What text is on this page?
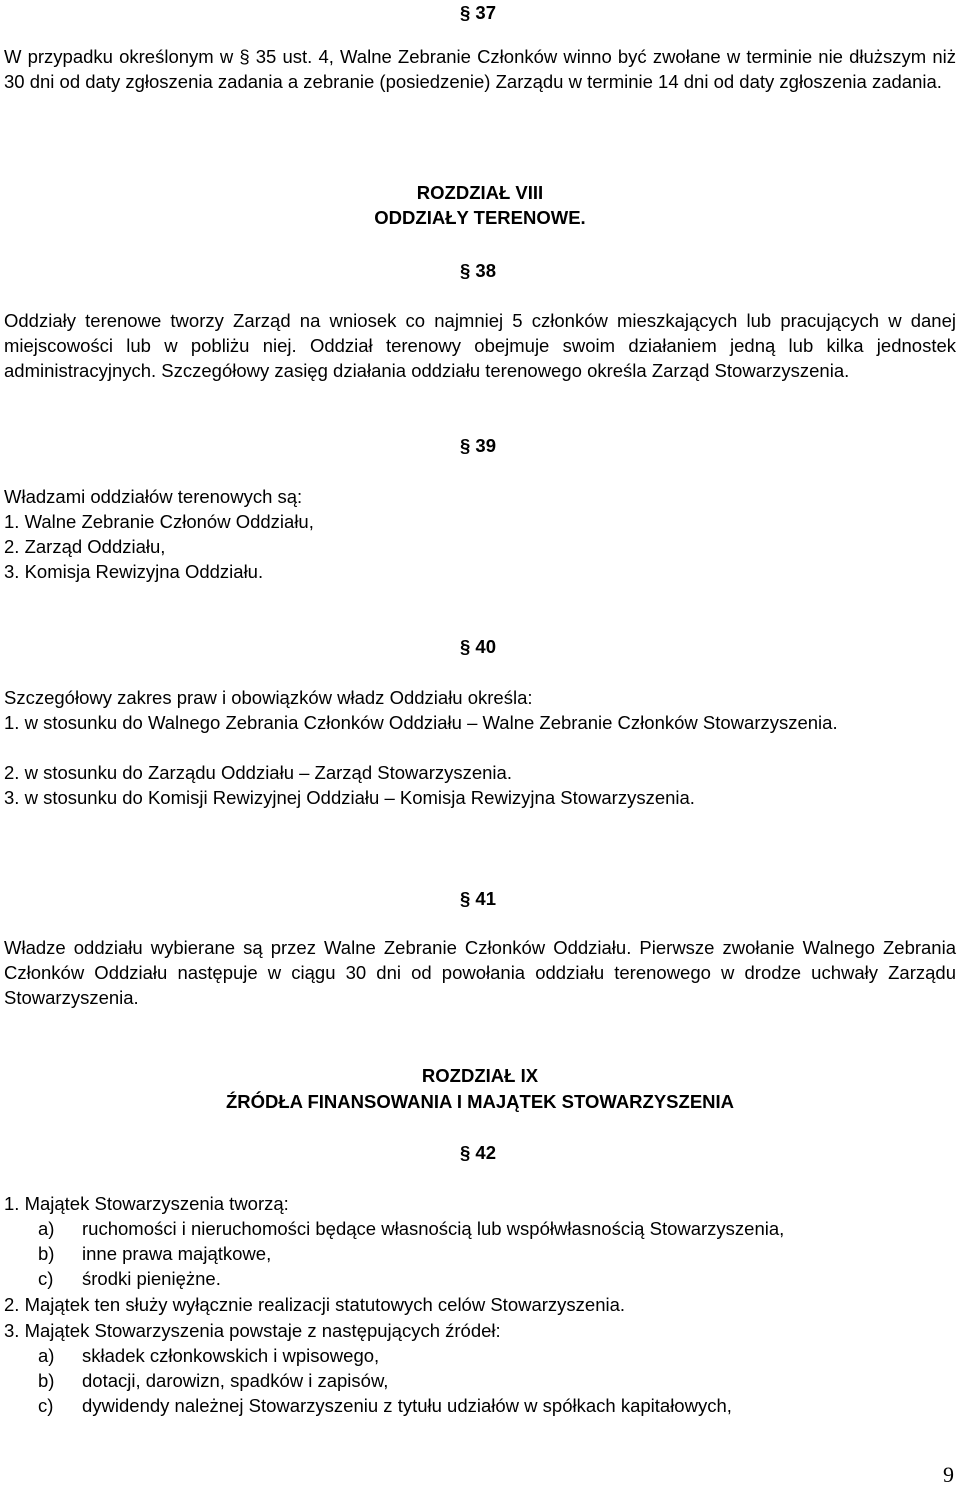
§ 37
W przypadku określonym w § 35 ust. 4, Walne Zebranie Członków winno być zwołane w terminie nie dłuższym niż 30 dni od daty zgłoszenia zadania a zebranie (posiedzenie) Zarządu w terminie 14 dni od daty zgłoszenia zadania.
ROZDZIAŁ VIII
ODDZIAŁY TERENOWE.
§ 38
Oddziały terenowe tworzy Zarząd na wniosek co najmniej 5 członków mieszkających lub pracujących w danej miejscowości lub w pobliżu niej. Oddział terenowy obejmuje swoim działaniem jedną lub kilka jednostek administracyjnych. Szczegółowy zasięg działania oddziału terenowego określa Zarząd Stowarzyszenia.
§ 39
Władzami oddziałów terenowych są:
1. Walne Zebranie Członów Oddziału,
2. Zarząd Oddziału,
3. Komisja Rewizyjna Oddziału.
§ 40
Szczegółowy zakres praw i obowiązków władz Oddziału określa:
1. w stosunku do Walnego Zebrania Członków Oddziału – Walne Zebranie Członków Stowarzyszenia.
2. w stosunku do Zarządu Oddziału – Zarząd Stowarzyszenia.
3. w stosunku do Komisji Rewizyjnej Oddziału – Komisja Rewizyjna Stowarzyszenia.
§ 41
Władze oddziału wybierane są przez Walne Zebranie Członków Oddziału. Pierwsze zwołanie Walnego Zebrania Członków Oddziału następuje w ciągu 30 dni od powołania oddziału terenowego w drodze uchwały Zarządu Stowarzyszenia.
ROZDZIAŁ IX
ŹRÓDŁA FINANSOWANIA I MAJĄTEK STOWARZYSZENIA
§ 42
1. Majątek Stowarzyszenia tworzą:
a)	ruchomości i nieruchomości będące własnością lub współwłasnością Stowarzyszenia,
b)	inne prawa majątkowe,
c)	środki pieniężne.
2. Majątek ten służy wyłącznie realizacji statutowych celów Stowarzyszenia.
3. Majątek Stowarzyszenia powstaje z następujących źródeł:
a)	składek członkowskich i wpisowego,
b)	dotacji, darowizn, spadków i zapisów,
c)	dywidendy należnej Stowarzyszeniu z tytułu udziałów w spółkach kapitałowych,
9
